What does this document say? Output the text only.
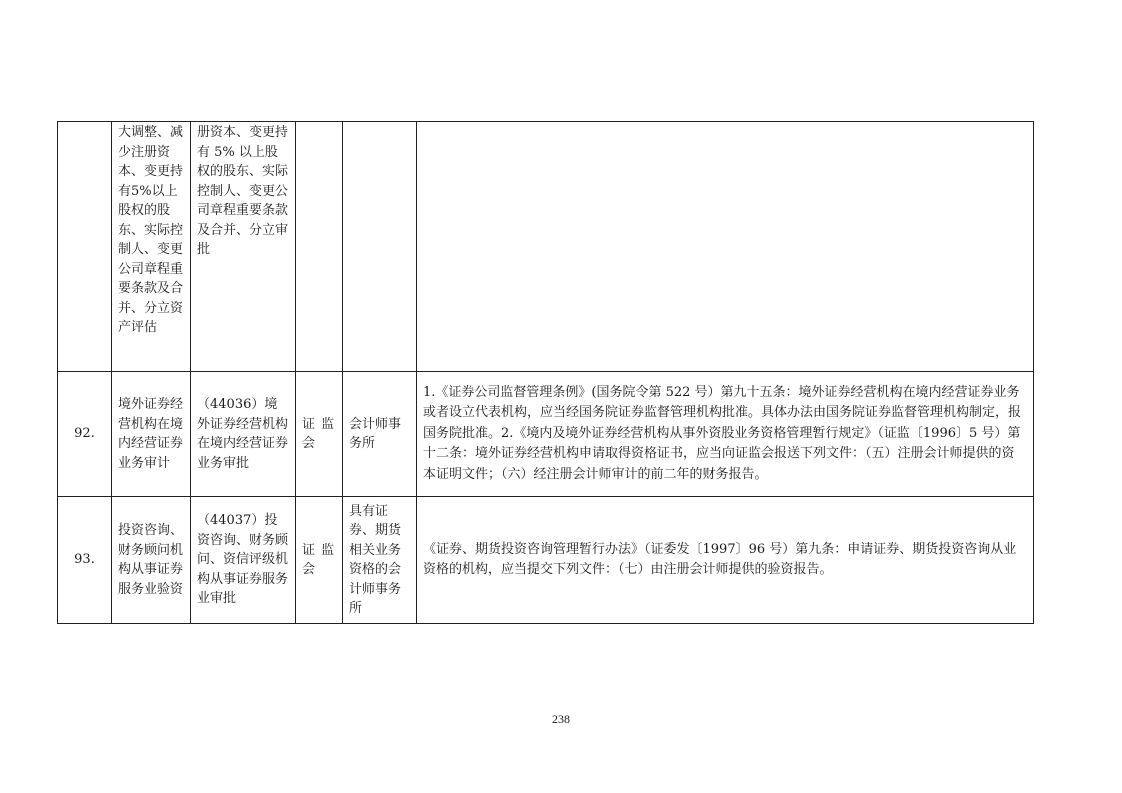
	大调整、减少注册资本、变更持有5%以上股权的股东、实际控制人、变更公司章程重要条款及合并、分立资产评估	册资本、变更持有 5% 以上股权的股东、实际控制人、变更公司章程重要条款及合并、分立审批			
92.	境外证券经营机构在境内经营证券业务审计	（44036）境外证券经营机构在境内经营证券业务审批	证 监会	会计师事务所	1.《证券公司监督管理条例》(国务院令第 522 号）第九十五条：境外证券经营机构在境内经营证券业务或者设立代表机构，应当经国务院证券监督管理机构批准。具体办法由国务院证券监督管理机构制定，报国务院批准。2.《境内及境外证券经营机构从事外资股业务资格管理暂行规定》（证监〔1996〕5 号）第十二条：境外证券经营机构申请取得资格证书，应当向证监会报送下列文件：（五）注册会计师提供的资本证明文件；（六）经注册会计师审计的前二年的财务报告。
93.	投资咨询、财务顾问机构从事证券服务业验资	（44037）投资咨询、财务顾问、资信评级机构从事证券服务业审批	证 监会	具有证券、期货相关业务资格的会计师事务所	《证券、期货投资咨询管理暂行办法》（证委发〔1997〕96 号）第九条：申请证券、期货投资咨询从业资格的机构，应当提交下列文件：（七）由注册会计师提供的验资报告。
238
